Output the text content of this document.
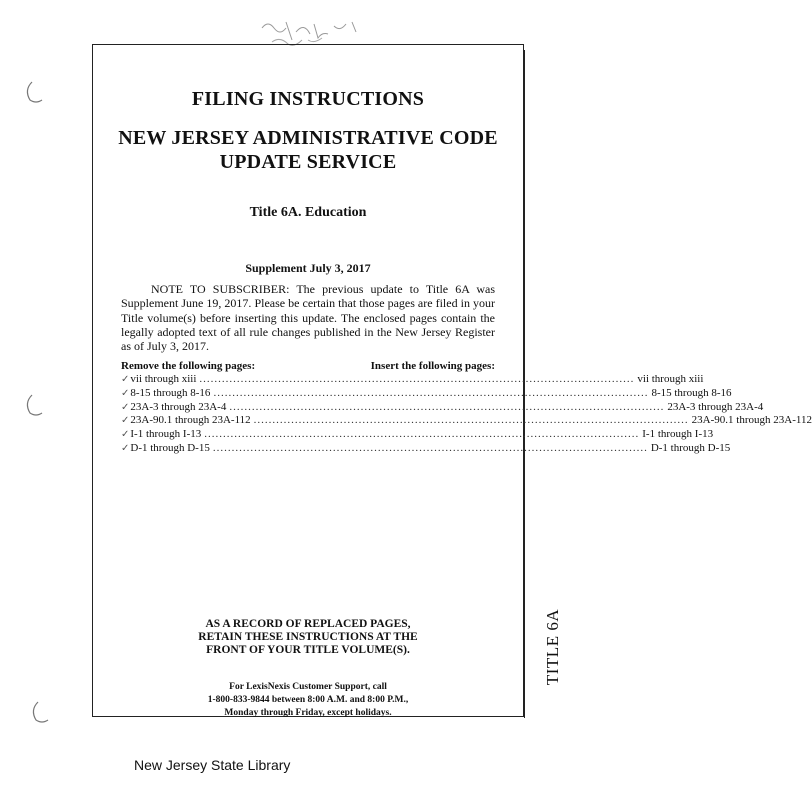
TITLE 6A
FILING INSTRUCTIONS
NEW JERSEY ADMINISTRATIVE CODE
UPDATE SERVICE
Title 6A. Education
Supplement July 3, 2017
NOTE TO SUBSCRIBER: The previous update to Title 6A was Supplement June 19, 2017. Please be certain that those pages are filed in your Title volume(s) before inserting this update. The enclosed pages contain the legally adopted text of all rule changes published in the New Jersey Register as of July 3, 2017.
Remove the following pages:	Insert the following pages:
✓ vii through xiii .................................................................................................................... vii through xiii
✓ 8-15 through 8-16 .................................................................................................................... 8-15 through 8-16
✓ 23A-3 through 23A-4 .................................................................................................................... 23A-3 through 23A-4
✓ 23A-90.1 through 23A-112 .................................................................................................................... 23A-90.1 through 23A-112
✓ I-1 through I-13 .................................................................................................................... I-1 through I-13
✓ D-1 through D-15 .................................................................................................................... D-1 through D-15
AS A RECORD OF REPLACED PAGES,
RETAIN THESE INSTRUCTIONS AT THE
FRONT OF YOUR TITLE VOLUME(S).
For LexisNexis Customer Support, call
1-800-833-9844 between 8:00 A.M. and 8:00 P.M.,
Monday through Friday, except holidays.
New Jersey State Library
